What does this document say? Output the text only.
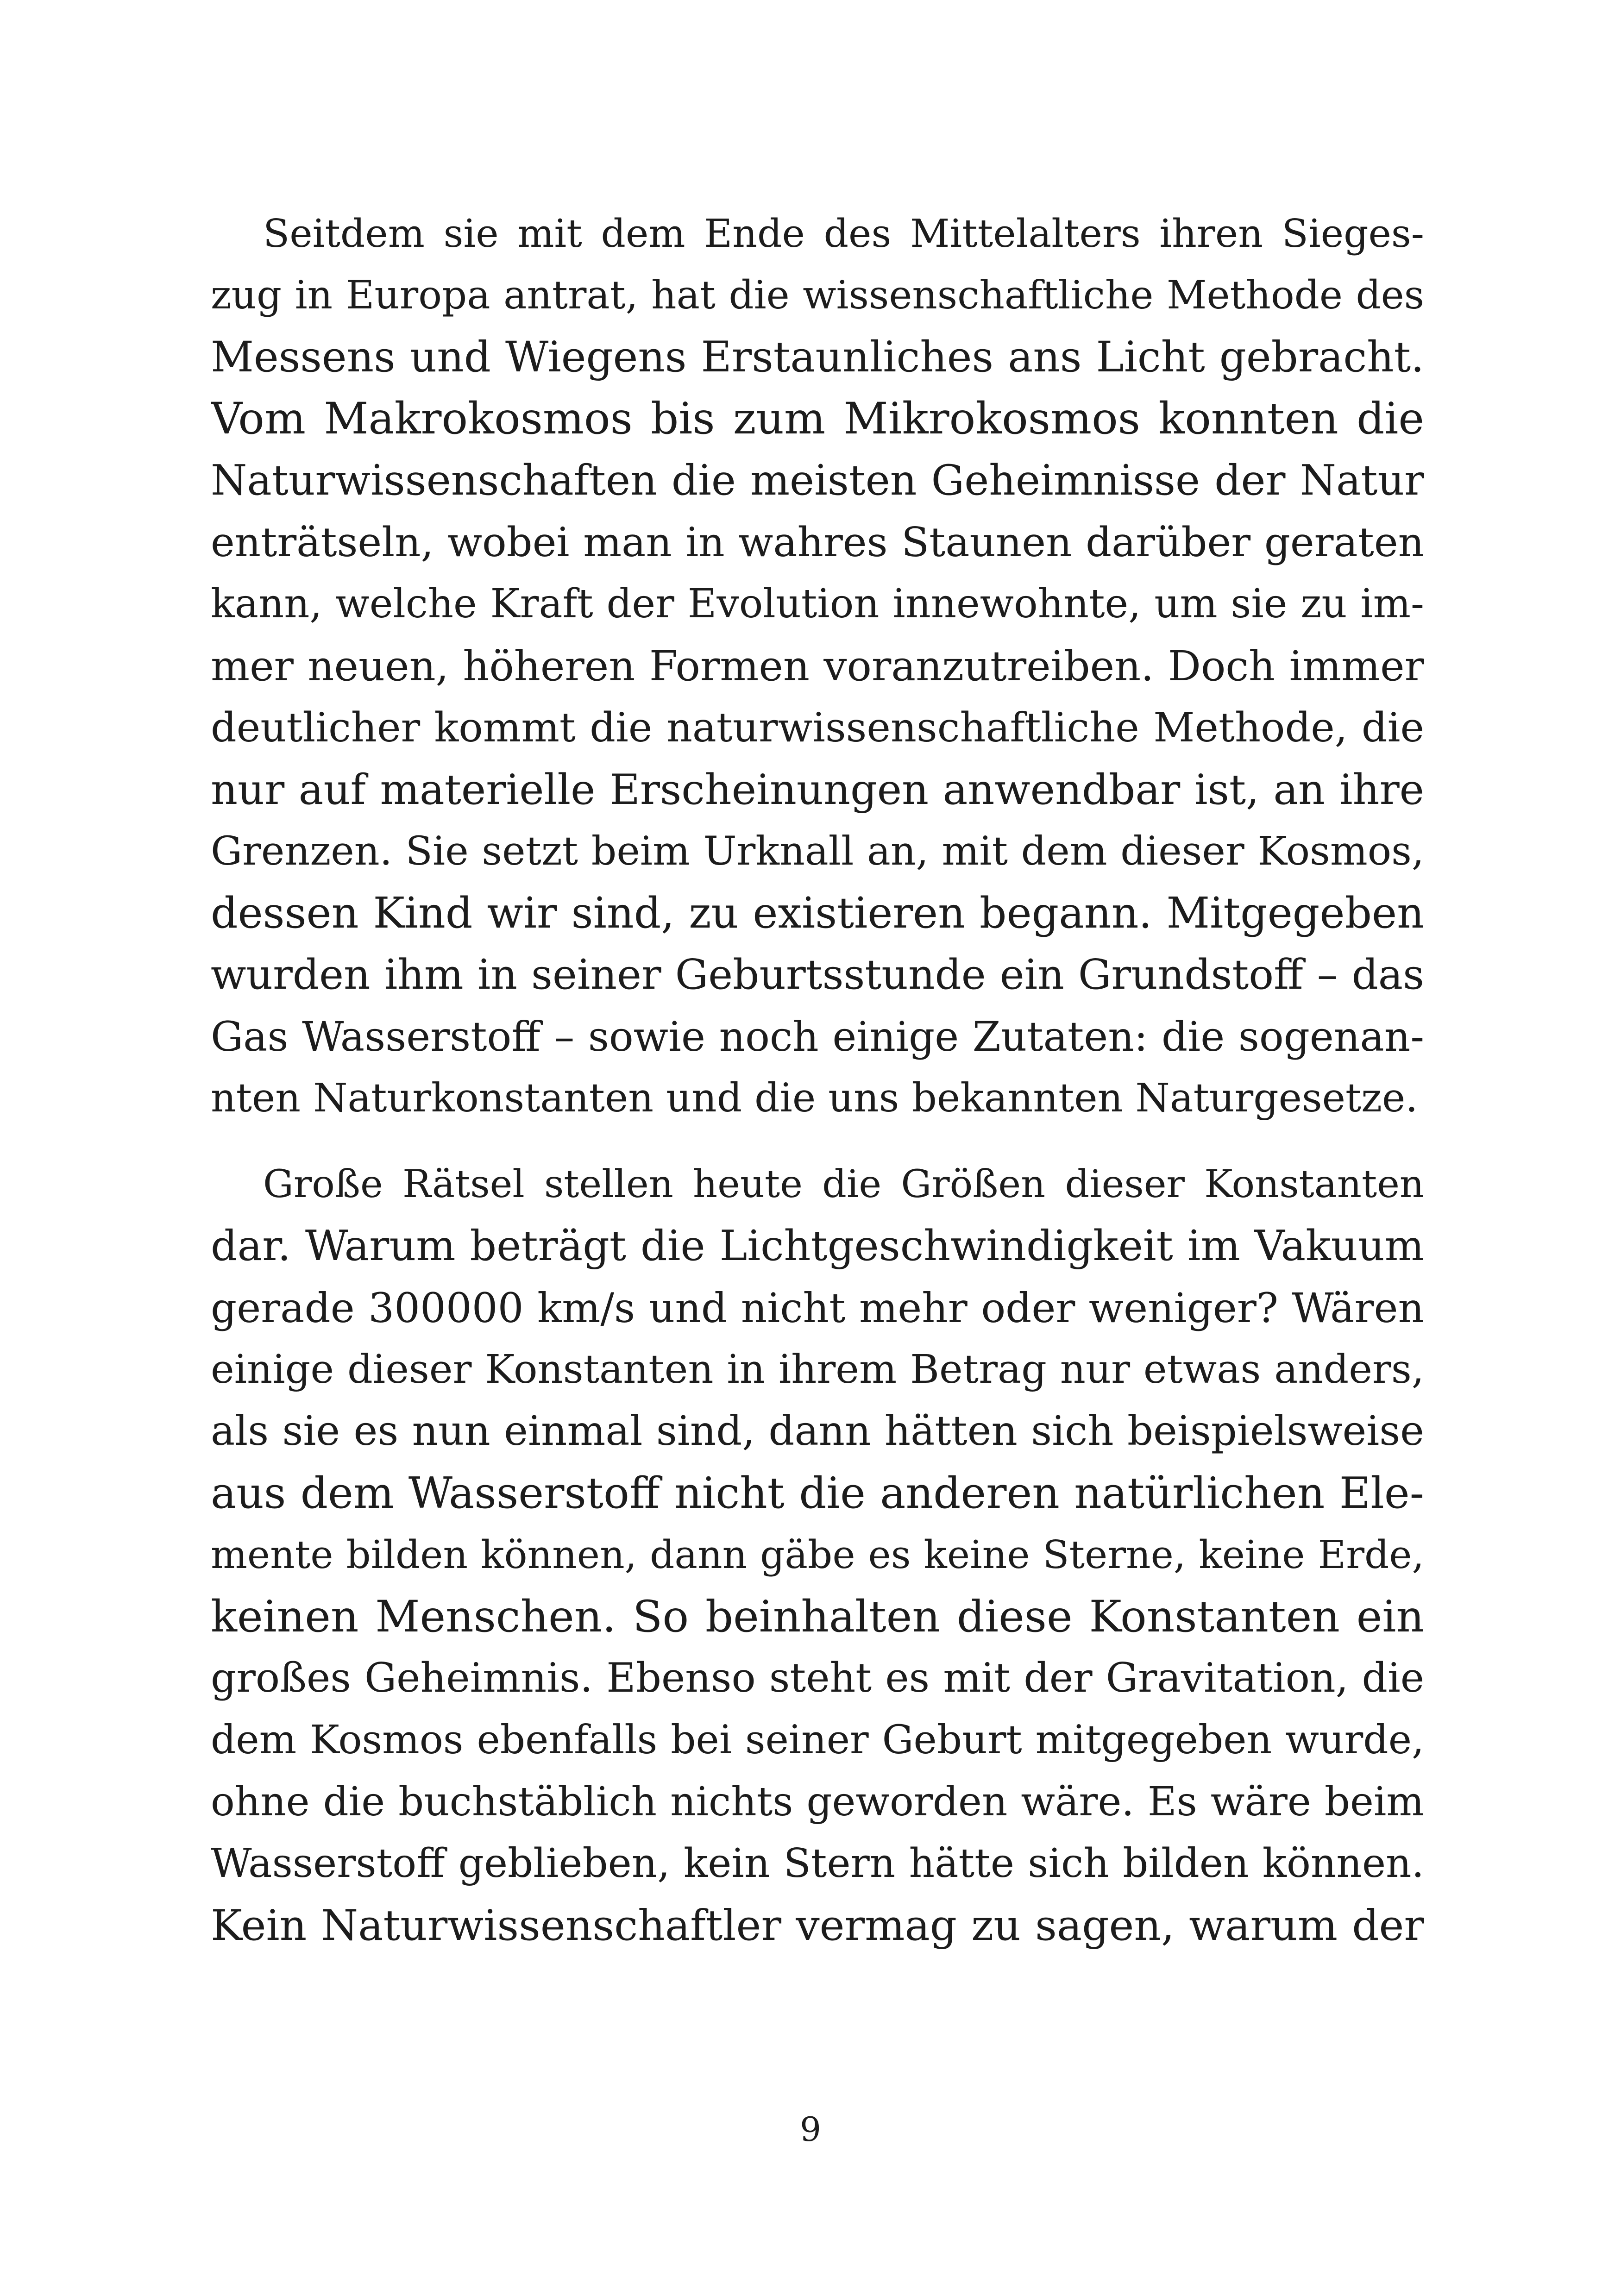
Seitdem sie mit dem Ende des Mittelalters ihren Sieges-
zug in Europa antrat, hat die wissenschaftliche Methode des
Messens und Wiegens Erstaunliches ans Licht gebracht.
Vom Makrokosmos bis zum Mikrokosmos konnten die
Naturwissenschaften die meisten Geheimnisse der Natur
enträtseln, wobei man in wahres Staunen darüber geraten
kann, welche Kraft der Evolution innewohnte, um sie zu im-
mer neuen, höheren Formen voranzutreiben. Doch immer
deutlicher kommt die naturwissenschaftliche Methode, die
nur auf materielle Erscheinungen anwendbar ist, an ihre
Grenzen. Sie setzt beim Urknall an, mit dem dieser Kosmos,
dessen Kind wir sind, zu existieren begann. Mitgegeben
wurden ihm in seiner Geburtsstunde ein Grundstoff – das
Gas Wasserstoff – sowie noch einige Zutaten: die sogenan-
nten Naturkonstanten und die uns bekannten Naturgesetze.

Große Rätsel stellen heute die Größen dieser Konstanten
dar. Warum beträgt die Lichtgeschwindigkeit im Vakuum
gerade 300000 km/s und nicht mehr oder weniger? Wären
einige dieser Konstanten in ihrem Betrag nur etwas anders,
als sie es nun einmal sind, dann hätten sich beispielsweise
aus dem Wasserstoff nicht die anderen natürlichen Ele-
mente bilden können, dann gäbe es keine Sterne, keine Erde,
keinen Menschen. So beinhalten diese Konstanten ein
großes Geheimnis. Ebenso steht es mit der Gravitation, die
dem Kosmos ebenfalls bei seiner Geburt mitgegeben wurde,
ohne die buchstäblich nichts geworden wäre. Es wäre beim
Wasserstoff geblieben, kein Stern hätte sich bilden können.
Kein Naturwissenschaftler vermag zu sagen, warum der

9
